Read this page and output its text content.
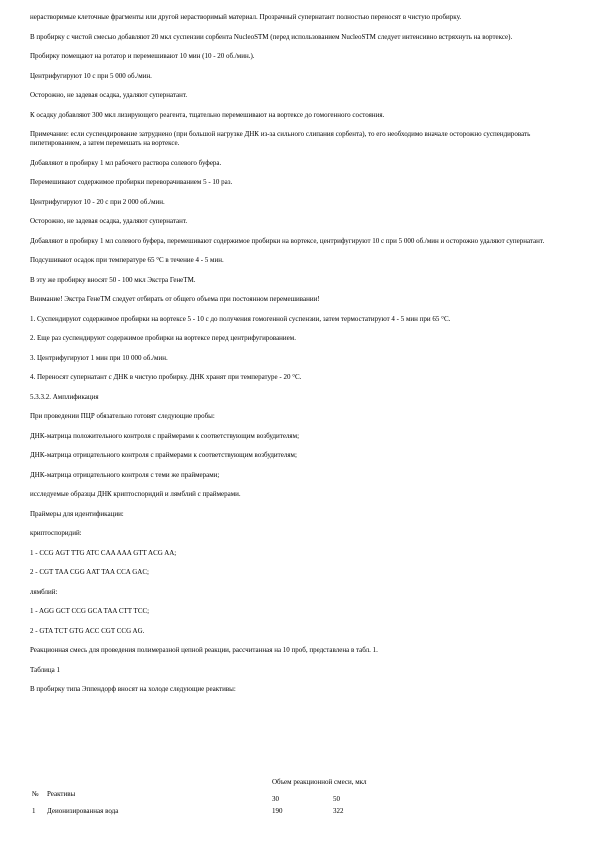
нерастворимые клеточные фрагменты или другой нерастворимый материал. Прозрачный супернатант полностью переносят в чистую пробирку.

В пробирку с чистой смесью добавляют 20 мкл суспензии сорбента NucleoSTM (перед использованием NucleoSTM следует интенсивно встряхнуть на вортексе).

Пробирку помещают на ротатор и перемешивают 10 мин (10 - 20 об./мин.).

Центрифугируют 10 с при 5 000 об./мин.

Осторожно, не задевая осадка, удаляют супернатант.

К осадку добавляют 300 мкл лизирующего реагента, тщательно перемешивают на вортексе до гомогенного состояния.

Примечание: если суспендирование затруднено (при большой нагрузке ДНК из-за сильного слипания сорбента), то его необходимо вначале осторожно суспендировать пипетированием, а затем перемешать на вортексе.

Добавляют в пробирку 1 мл рабочего раствора солевого буфера.

Перемешивают содержимое пробирки переворачиванием 5 - 10 раз.

Центрифугируют 10 - 20 с при 2 000 об./мин.

Осторожно, не задевая осадка, удаляют супернатант.

Добавляют в пробирку 1 мл солевого буфера, перемешивают содержимое пробирки на вортексе, центрифугируют 10 с при 5 000 об./мин и осторожно удаляют супернатант.

Подсушивают осадок при температуре 65 °С в течение 4 - 5 мин.

В эту же пробирку вносят 50 - 100 мкл Экстра ГенеTM.

Внимание! Экстра ГенеTM следует отбирать от общего объема при постоянном перемешивании!

1. Суспендируют содержимое пробирки на вортексе 5 - 10 с до получения гомогенной суспензии, затем термостатируют 4 - 5 мин при 65 °С.

2. Еще раз суспендируют содержимое пробирки на вортексе перед центрифугированием.

3. Центрифугируют 1 мин при 10 000 об./мин.

4. Переносят супернатант с ДНК в чистую пробирку. ДНК хранят при температуре - 20 °С.

5.3.3.2. Амплификация

При проведении ПЦР обязательно готовят следующие пробы:

ДНК-матрица положительного контроля с праймерами к соответствующим возбудителям;

ДНК-матрица отрицательного контроля с праймерами к соответствующим возбудителям;

ДНК-матрица отрицательного контроля с теми же праймерами;

исследуемые образцы ДНК криптоспоридий и лямблий с праймерами.

Праймеры для идентификации:

криптоспоридий:

1 - CCG AGT TTG ATC CAA AAA GTT ACG AA;

2 - CGT TAA CGG AAT TAA CCA GAC;

лямблий:

1 - AGG GCT CCG GCA TAA CTT TCC;

2 - GTA TCT GTG ACC CGT CCG AG.

Реакционная смесь для проведения полимеразной цепной реакции, рассчитанная на 10 проб, представлена в табл. 1.

Таблица 1

В пробирку типа Эппендорф вносят на холоде следующие реактивы:

Объем реакционной смеси, мкл
№ Реактивы
30	50
1 Деионизированная вода	190	322
